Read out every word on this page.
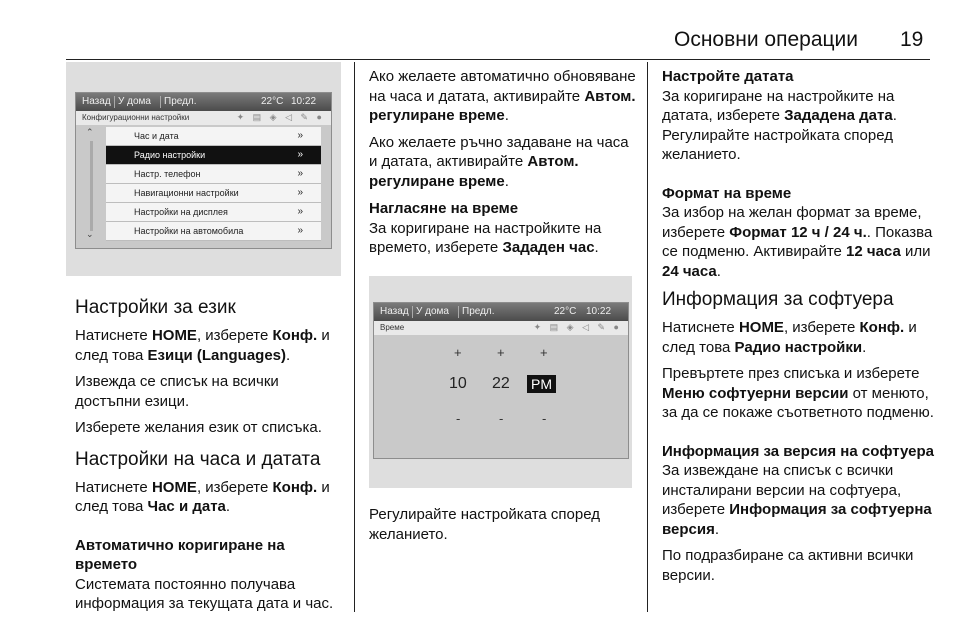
Основни операции 19
Назад У дома Предл.	22°C 10:22
Конфигурационни настройки	✦ ▤ ◈ ◁ ✎ ●
⌃
⌄
Час и дата	»
Радио настройки	»
Настр. телефон	»
Навигационни настройки	»
Настройки на дисплея	»
Настройки на автомобила	»
Настройки за език

Натиснете HOME, изберете Конф. и след това Езици (Languages).

Извежда се списък на всички достъпни езици.

Изберете желания език от списъка.

Настройки на часа и датата

Натиснете HOME, изберете Конф. и след това Час и дата.

Автоматично коригиране на времето

Системата постоянно получава информация за текущата дата и час.

Ако желаете автоматично обновяване на часа и датата, активирайте Автом. регулиране време.

Ако желаете ръчно задаване на часа и датата, активирайте Автом. регулиране време.

Нагласяне на време

За коригиране на настройките на времето, изберете Зададен час.

Назад У дома Предл.	22°C 10:22
Време	✦ ▤ ◈ ◁ ✎ ●
+	+	+
10 22 PM
-	-	-

Регулирайте настройката според желанието.

Настройте датата

За коригиране на настройките на датата, изберете Зададена дата. Регулирайте настройката според желанието.

Формат на време

За избор на желан формат за време, изберете Формат 12 ч / 24 ч.. Показва се подменю. Активирайте 12 часа или 24 часа.

Информация за софтуера

Натиснете HOME, изберете Конф. и след това Радио настройки.

Превъртете през списъка и изберете Меню софтуерни версии от менюто, за да се покаже съответното подменю.

Информация за версия на софтуера

За извеждане на списък с всички инсталирани версии на софтуера, изберете Информация за софтуерна версия.

По подразбиране са активни всички версии.
